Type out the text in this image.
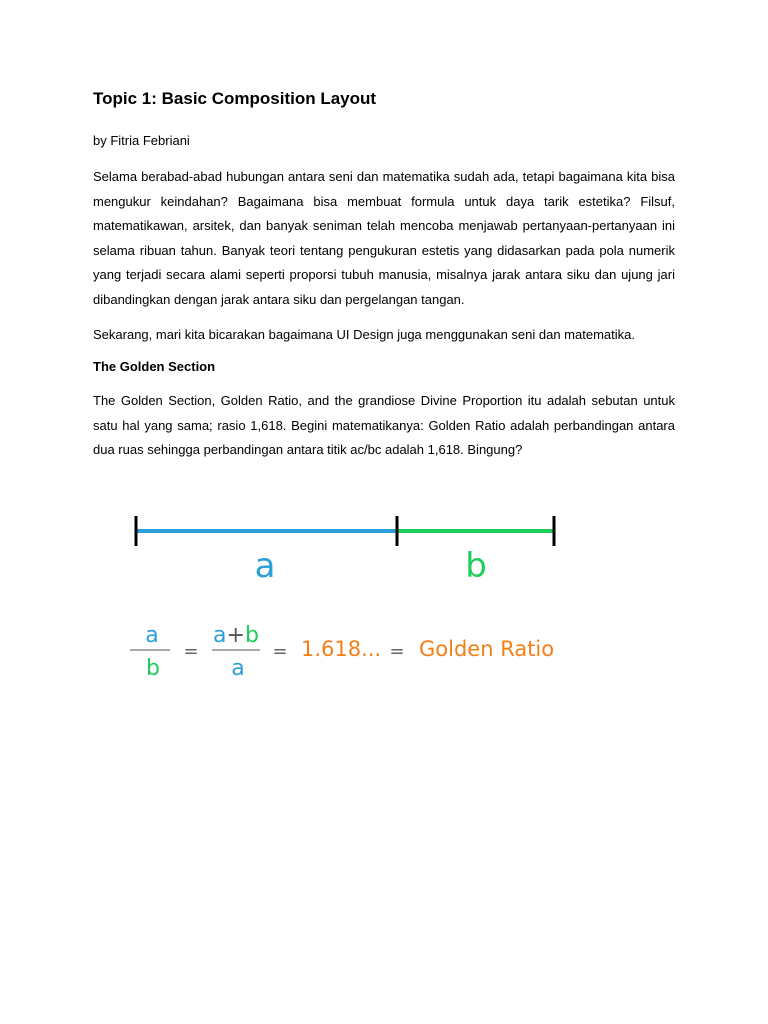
Topic 1: Basic Composition Layout

by Fitria Febriani

Selama berabad-abad hubungan antara seni dan matematika sudah ada, tetapi bagaimana kita bisa mengukur keindahan? Bagaimana bisa membuat formula untuk daya tarik estetika? Filsuf, matematikawan, arsitek, dan banyak seniman telah mencoba menjawab pertanyaan-pertanyaan ini selama ribuan tahun. Banyak teori tentang pengukuran estetis yang didasarkan pada pola numerik yang terjadi secara alami seperti proporsi tubuh manusia, misalnya jarak antara siku dan ujung jari dibandingkan dengan jarak antara siku dan pergelangan tangan.

Sekarang, mari kita bicarakan bagaimana UI Design juga menggunakan seni dan matematika.

The Golden Section

The Golden Section, Golden Ratio, and the grandiose Divine Proportion itu adalah sebutan untuk satu hal yang sama; rasio 1,618. Begini matematikanya: Golden Ratio adalah perbandingan antara dua ruas sehingga perbandingan antara titik ac/bc adalah 1,618. Bingung?

a	b
a
b
=
a+b
a
= 1.618... = Golden Ratio
